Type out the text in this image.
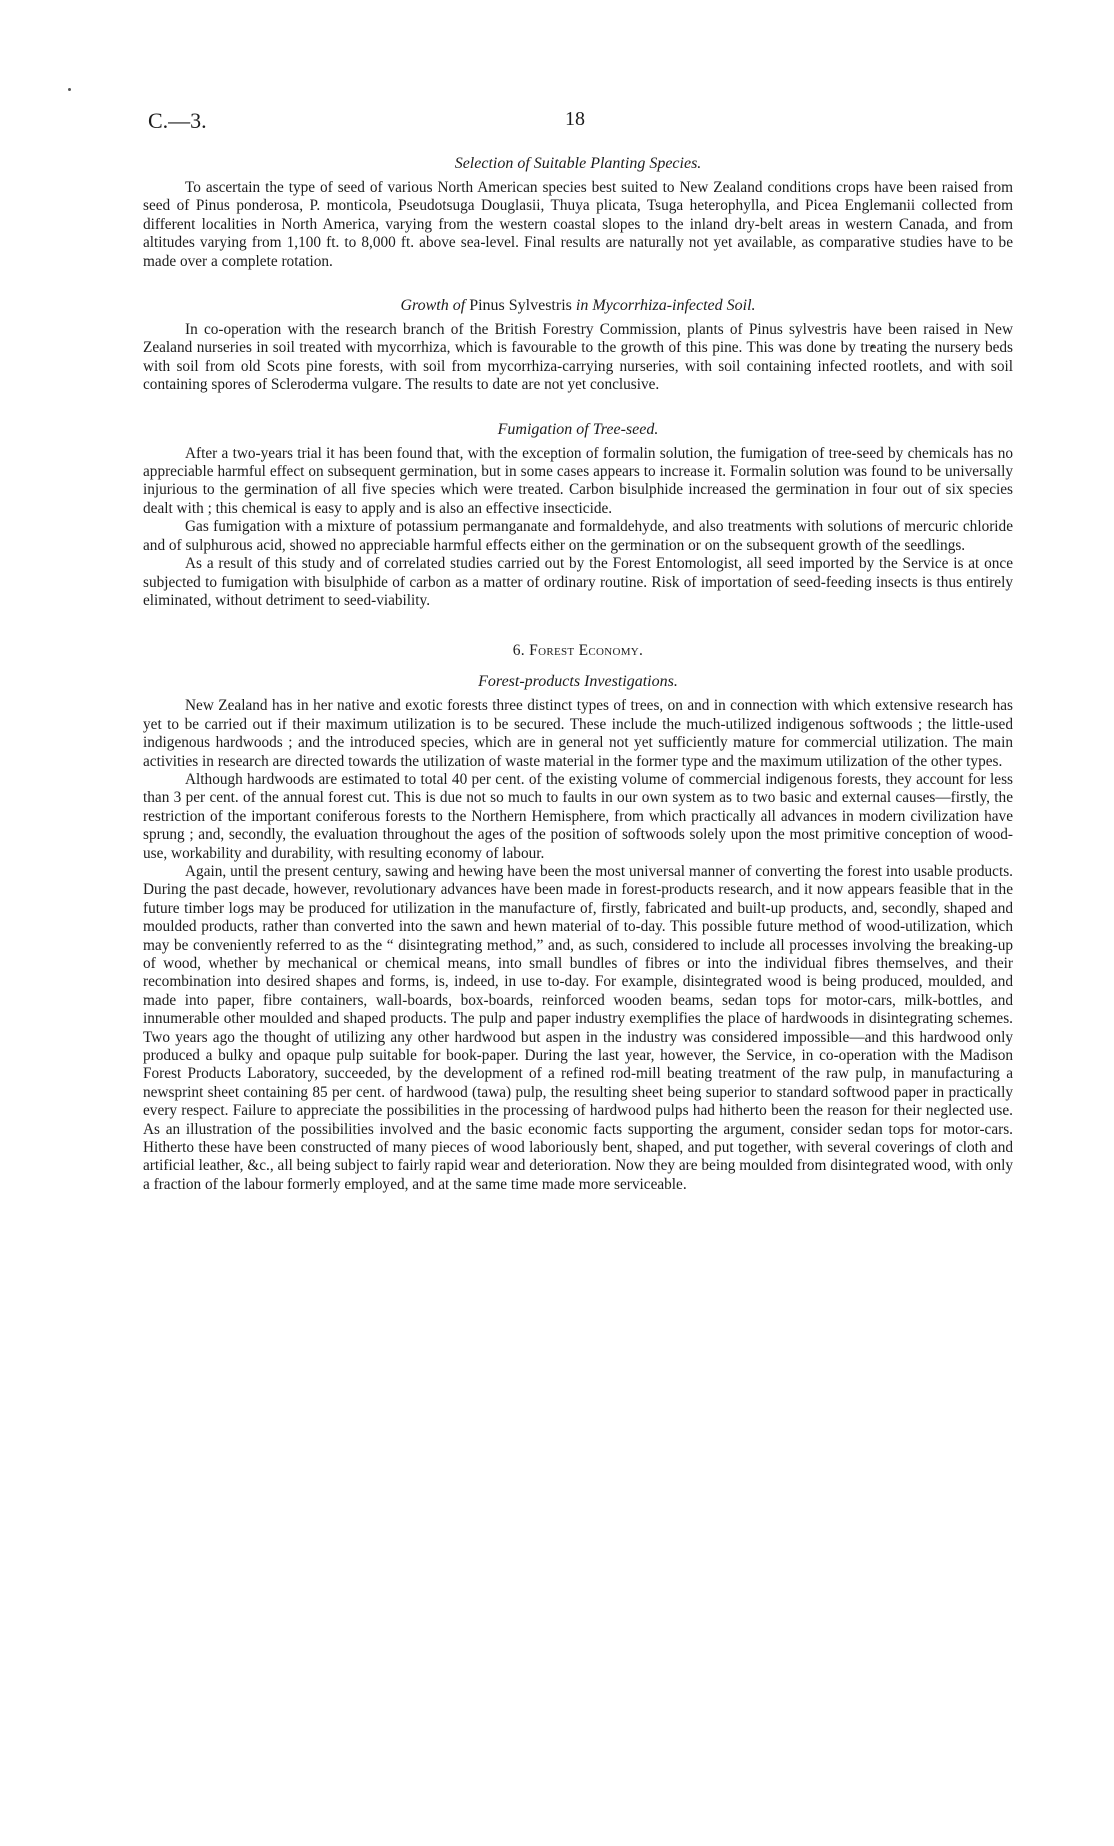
C.—3.	18
Selection of Suitable Planting Species.

To ascertain the type of seed of various North American species best suited to New Zealand conditions crops have been raised from seed of Pinus ponderosa, P. monticola, Pseudotsuga Douglasii, Thuya plicata, Tsuga heterophylla, and Picea Englemanii collected from different localities in North America, varying from the western coastal slopes to the inland dry-belt areas in western Canada, and from altitudes varying from 1,100 ft. to 8,000 ft. above sea-level. Final results are naturally not yet available, as comparative studies have to be made over a complete rotation.

Growth of Pinus Sylvestris in Mycorrhiza-infected Soil.

In co-operation with the research branch of the British Forestry Commission, plants of Pinus sylvestris have been raised in New Zealand nurseries in soil treated with mycorrhiza, which is favourable to the growth of this pine. This was done by treating the nursery beds with soil from old Scots pine forests, with soil from mycorrhiza-carrying nurseries, with soil containing infected rootlets, and with soil containing spores of Scleroderma vulgare. The results to date are not yet conclusive.

Fumigation of Tree-seed.

After a two-years trial it has been found that, with the exception of formalin solution, the fumigation of tree-seed by chemicals has no appreciable harmful effect on subsequent germination, but in some cases appears to increase it. Formalin solution was found to be universally injurious to the germination of all five species which were treated. Carbon bisulphide increased the germination in four out of six species dealt with ; this chemical is easy to apply and is also an effective insecticide.

Gas fumigation with a mixture of potassium permanganate and formaldehyde, and also treatments with solutions of mercuric chloride and of sulphurous acid, showed no appreciable harmful effects either on the germination or on the subsequent growth of the seedlings.

As a result of this study and of correlated studies carried out by the Forest Entomologist, all seed imported by the Service is at once subjected to fumigation with bisulphide of carbon as a matter of ordinary routine. Risk of importation of seed-feeding insects is thus entirely eliminated, without detriment to seed-viability.

6. Forest Economy.
Forest-products Investigations.

New Zealand has in her native and exotic forests three distinct types of trees, on and in connection with which extensive research has yet to be carried out if their maximum utilization is to be secured. These include the much-utilized indigenous softwoods ; the little-used indigenous hardwoods ; and the introduced species, which are in general not yet sufficiently mature for commercial utilization. The main activities in research are directed towards the utilization of waste material in the former type and the maximum utilization of the other types.

Although hardwoods are estimated to total 40 per cent. of the existing volume of commercial indigenous forests, they account for less than 3 per cent. of the annual forest cut. This is due not so much to faults in our own system as to two basic and external causes—firstly, the restriction of the important coniferous forests to the Northern Hemisphere, from which practically all advances in modern civilization have sprung ; and, secondly, the evaluation throughout the ages of the position of softwoods solely upon the most primitive conception of wood-use, workability and durability, with resulting economy of labour.

Again, until the present century, sawing and hewing have been the most universal manner of converting the forest into usable products. During the past decade, however, revolutionary advances have been made in forest-products research, and it now appears feasible that in the future timber logs may be produced for utilization in the manufacture of, firstly, fabricated and built-up products, and, secondly, shaped and moulded products, rather than converted into the sawn and hewn material of to-day. This possible future method of wood-utilization, which may be conveniently referred to as the “ disintegrating method,” and, as such, considered to include all processes involving the breaking-up of wood, whether by mechanical or chemical means, into small bundles of fibres or into the individual fibres themselves, and their recombination into desired shapes and forms, is, indeed, in use to-day. For example, disintegrated wood is being produced, moulded, and made into paper, fibre containers, wall-boards, box-boards, reinforced wooden beams, sedan tops for motor-cars, milk-bottles, and innumerable other moulded and shaped products. The pulp and paper industry exemplifies the place of hardwoods in disintegrating schemes. Two years ago the thought of utilizing any other hardwood but aspen in the industry was considered impossible—and this hardwood only produced a bulky and opaque pulp suitable for book-paper. During the last year, however, the Service, in co-operation with the Madison Forest Products Laboratory, succeeded, by the development of a refined rod-mill beating treatment of the raw pulp, in manufacturing a newsprint sheet containing 85 per cent. of hardwood (tawa) pulp, the resulting sheet being superior to standard softwood paper in practically every respect. Failure to appreciate the possibilities in the processing of hardwood pulps had hitherto been the reason for their neglected use. As an illustration of the possibilities involved and the basic economic facts supporting the argument, consider sedan tops for motor-cars. Hitherto these have been constructed of many pieces of wood laboriously bent, shaped, and put together, with several coverings of cloth and artificial leather, &c., all being subject to fairly rapid wear and deterioration. Now they are being moulded from disintegrated wood, with only a fraction of the labour formerly employed, and at the same time made more serviceable.
